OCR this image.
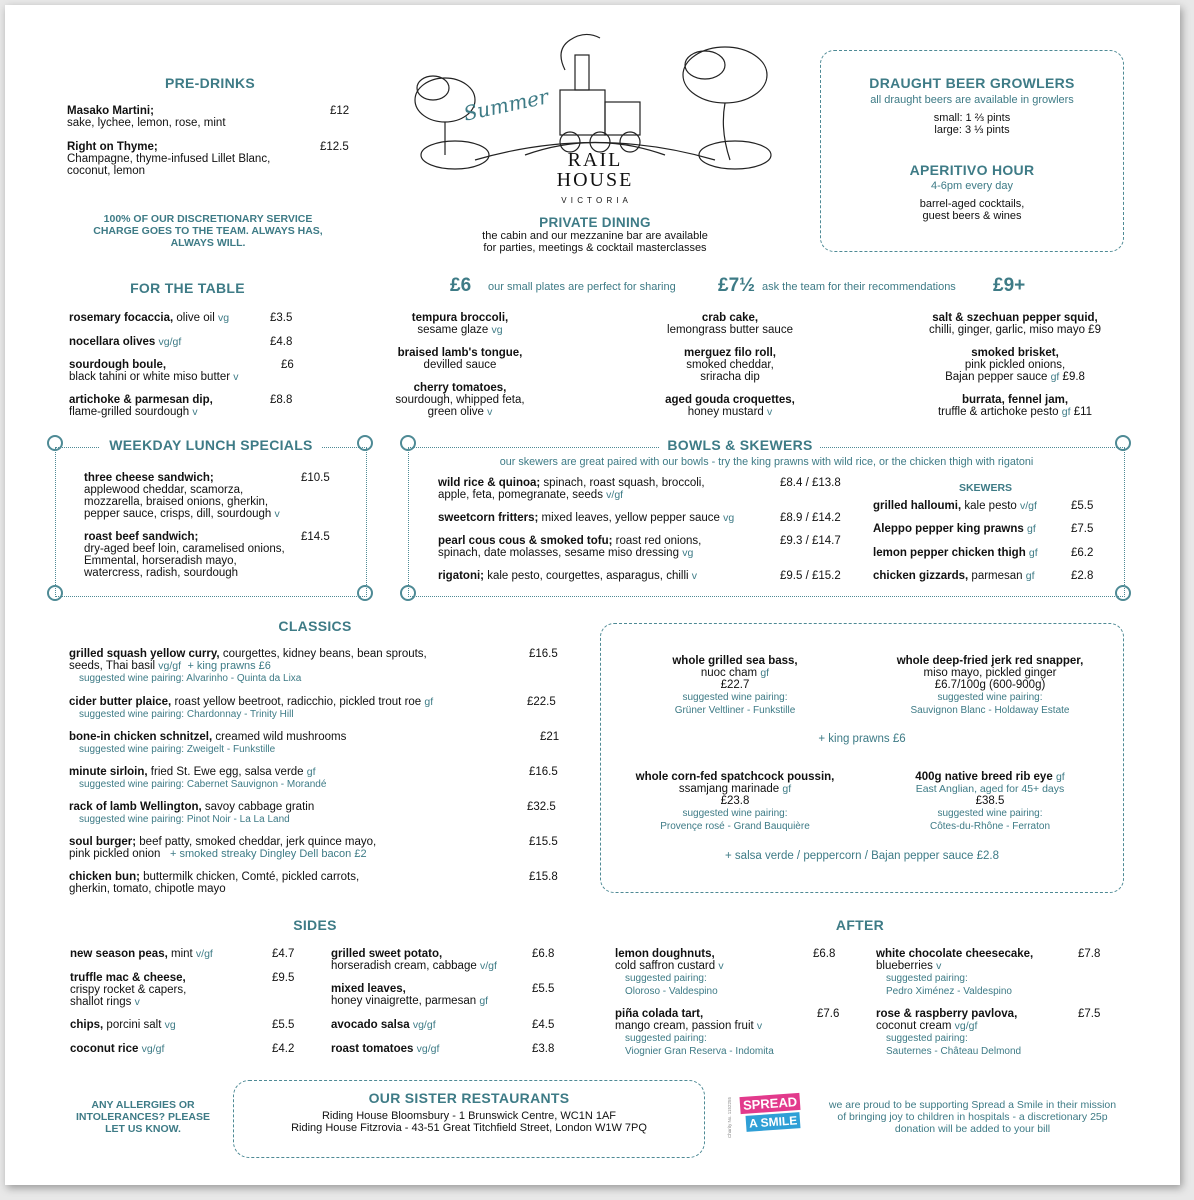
PRE-DRINKS
Masako Martini;
sake, lychee, lemon, rose, mint
£12
Right on Thyme;
Champagne, thyme-infused Lillet Blanc, coconut, lemon
£12.5
100% OF OUR DISCRETIONARY SERVICE CHARGE GOES TO THE TEAM. ALWAYS HAS, ALWAYS WILL.
Summer
RAIL
HOUSE
V I C T O R I A
PRIVATE DINING
the cabin and our mezzanine bar are available
for parties, meetings & cocktail masterclasses
DRAUGHT BEER GROWLERS
all draught beers are available in growlers
small: 1 ⅔ pints
large: 3 ⅓ pints
APERITIVO HOUR
4-6pm every day
barrel-aged cocktails,
guest beers & wines
FOR THE TABLE
rosemary focaccia, olive oil vg	£3.5
nocellara olives vg/gf	£4.8
sourdough boule,
black tahini or white miso butter v
£6
artichoke & parmesan dip,
flame-grilled sourdough v
£8.8
£6 our small plates are perfect for sharing £7½ ask the team for their recommendations £9+
tempura broccoli,
sesame glaze vg
braised lamb's tongue,
devilled sauce
cherry tomatoes,
sourdough, whipped feta,
green olive v
crab cake,
lemongrass butter sauce
merguez filo roll,
smoked cheddar,
sriracha dip
aged gouda croquettes,
honey mustard v
salt & szechuan pepper squid,
chilli, ginger, garlic, miso mayo £9
smoked brisket,
pink pickled onions,
Bajan pepper sauce gf £9.8
burrata, fennel jam,
truffle & artichoke pesto gf £11
WEEKDAY LUNCH SPECIALS
three cheese sandwich;
applewood cheddar, scamorza,
mozzarella, braised onions, gherkin,
pepper sauce, crisps, dill, sourdough v
£10.5
roast beef sandwich;
dry-aged beef loin, caramelised onions,
Emmental, horseradish mayo,
watercress, radish, sourdough
£14.5
BOWLS & SKEWERS
our skewers are great paired with our bowls - try the king prawns with wild rice, or the chicken thigh with rigatoni
wild rice & quinoa; spinach, roast squash, broccoli,
apple, feta, pomegranate, seeds v/gf
£8.4 / £13.8
sweetcorn fritters; mixed leaves, yellow pepper sauce vg	£8.9 / £14.2
pearl cous cous & smoked tofu; roast red onions,
spinach, date molasses, sesame miso dressing vg
£9.3 / £14.7
rigatoni; kale pesto, courgettes, asparagus, chilli v	£9.5 / £15.2
SKEWERS
grilled halloumi, kale pesto v/gf	£5.5
Aleppo pepper king prawns gf	£7.5
lemon pepper chicken thigh gf	£6.2
chicken gizzards, parmesan gf	£2.8
CLASSICS
grilled squash yellow curry, courgettes, kidney beans, bean sprouts,
seeds, Thai basil vg/gf + king prawns £6
suggested wine pairing: Alvarinho - Quinta da Lixa
£16.5
cider butter plaice, roast yellow beetroot, radicchio, pickled trout roe gf
suggested wine pairing: Chardonnay - Trinity Hill
£22.5
bone-in chicken schnitzel, creamed wild mushrooms
suggested wine pairing: Zweigelt - Funkstille
£21
minute sirloin, fried St. Ewe egg, salsa verde gf
suggested wine pairing: Cabernet Sauvignon - Morandé
£16.5
rack of lamb Wellington, savoy cabbage gratin
suggested wine pairing: Pinot Noir - La La Land
£32.5
soul burger; beef patty, smoked cheddar, jerk quince mayo,
pink pickled onion + smoked streaky Dingley Dell bacon £2
£15.5
chicken bun; buttermilk chicken, Comté, pickled carrots,
gherkin, tomato, chipotle mayo
£15.8
whole grilled sea bass,
nuoc cham gf
£22.7
suggested wine pairing:
Grüner Veltliner - Funkstille
whole deep-fried jerk red snapper,
miso mayo, pickled ginger
£6.7/100g (600-900g)
suggested wine pairing:
Sauvignon Blanc - Holdaway Estate
+ king prawns £6
whole corn-fed spatchcock poussin,
ssamjang marinade gf
£23.8
suggested wine pairing:
Provençe rosé - Grand Bauquière
400g native breed rib eye gf
East Anglian, aged for 45+ days
£38.5
suggested wine pairing:
Côtes-du-Rhône - Ferraton
+ salsa verde / peppercorn / Bajan pepper sauce £2.8
SIDES
new season peas, mint v/gf	£4.7
truffle mac & cheese,
crispy rocket & capers,
shallot rings v
£9.5
chips, porcini salt vg	£5.5
coconut rice vg/gf	£4.2
grilled sweet potato,
horseradish cream, cabbage v/gf
£6.8
mixed leaves,
honey vinaigrette, parmesan gf
£5.5
avocado salsa vg/gf	£4.5
roast tomatoes vg/gf	£3.8
AFTER
lemon doughnuts,
cold saffron custard v
suggested pairing:
Oloroso - Valdespino
£6.8	white chocolate cheesecake,
blueberries v
suggested pairing:
Pedro Ximénez - Valdespino
£7.8
piña colada tart,
mango cream, passion fruit v
suggested pairing:
Viognier Gran Reserva - Indomita
£7.6	rose & raspberry pavlova,
coconut cream vg/gf
suggested pairing:
Sauternes - Château Delmond
£7.5
ANY ALLERGIES OR INTOLERANCES? PLEASE LET US KNOW.
OUR SISTER RESTAURANTS
Riding House Bloomsbury - 1 Brunswick Centre, WC1N 1AF
Riding House Fitzrovia - 43-51 Great Titchfield Street, London W1W 7PQ	Charity No. 1152255 SPREAD A SMILE
we are proud to be supporting Spread a Smile in their mission of bringing joy to children in hospitals - a discretionary 25p donation will be added to your bill
